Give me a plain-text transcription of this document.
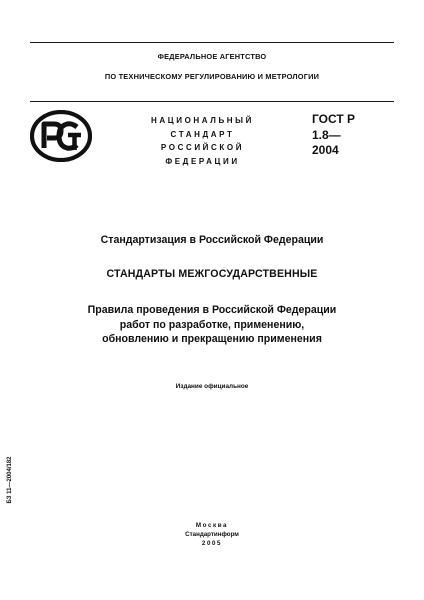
ФЕДЕРАЛЬНОЕ АГЕНТСТВО
ПО ТЕХНИЧЕСКОМУ РЕГУЛИРОВАНИЮ И МЕТРОЛОГИИ
НАЦИОНАЛЬНЫЙ
СТАНДАРТ
РОССИЙСКОЙ
ФЕДЕРАЦИИ
ГОСТ Р
1.8—
2004
Стандартизация в Российской Федерации
СТАНДАРТЫ МЕЖГОСУДАРСТВЕННЫЕ
Правила проведения в Российской Федерации
работ по разработке, применению,
обновлению и прекращению применения
Издание официальное
БЗ 11—2004/182
Москва
Стандартинформ
2005
